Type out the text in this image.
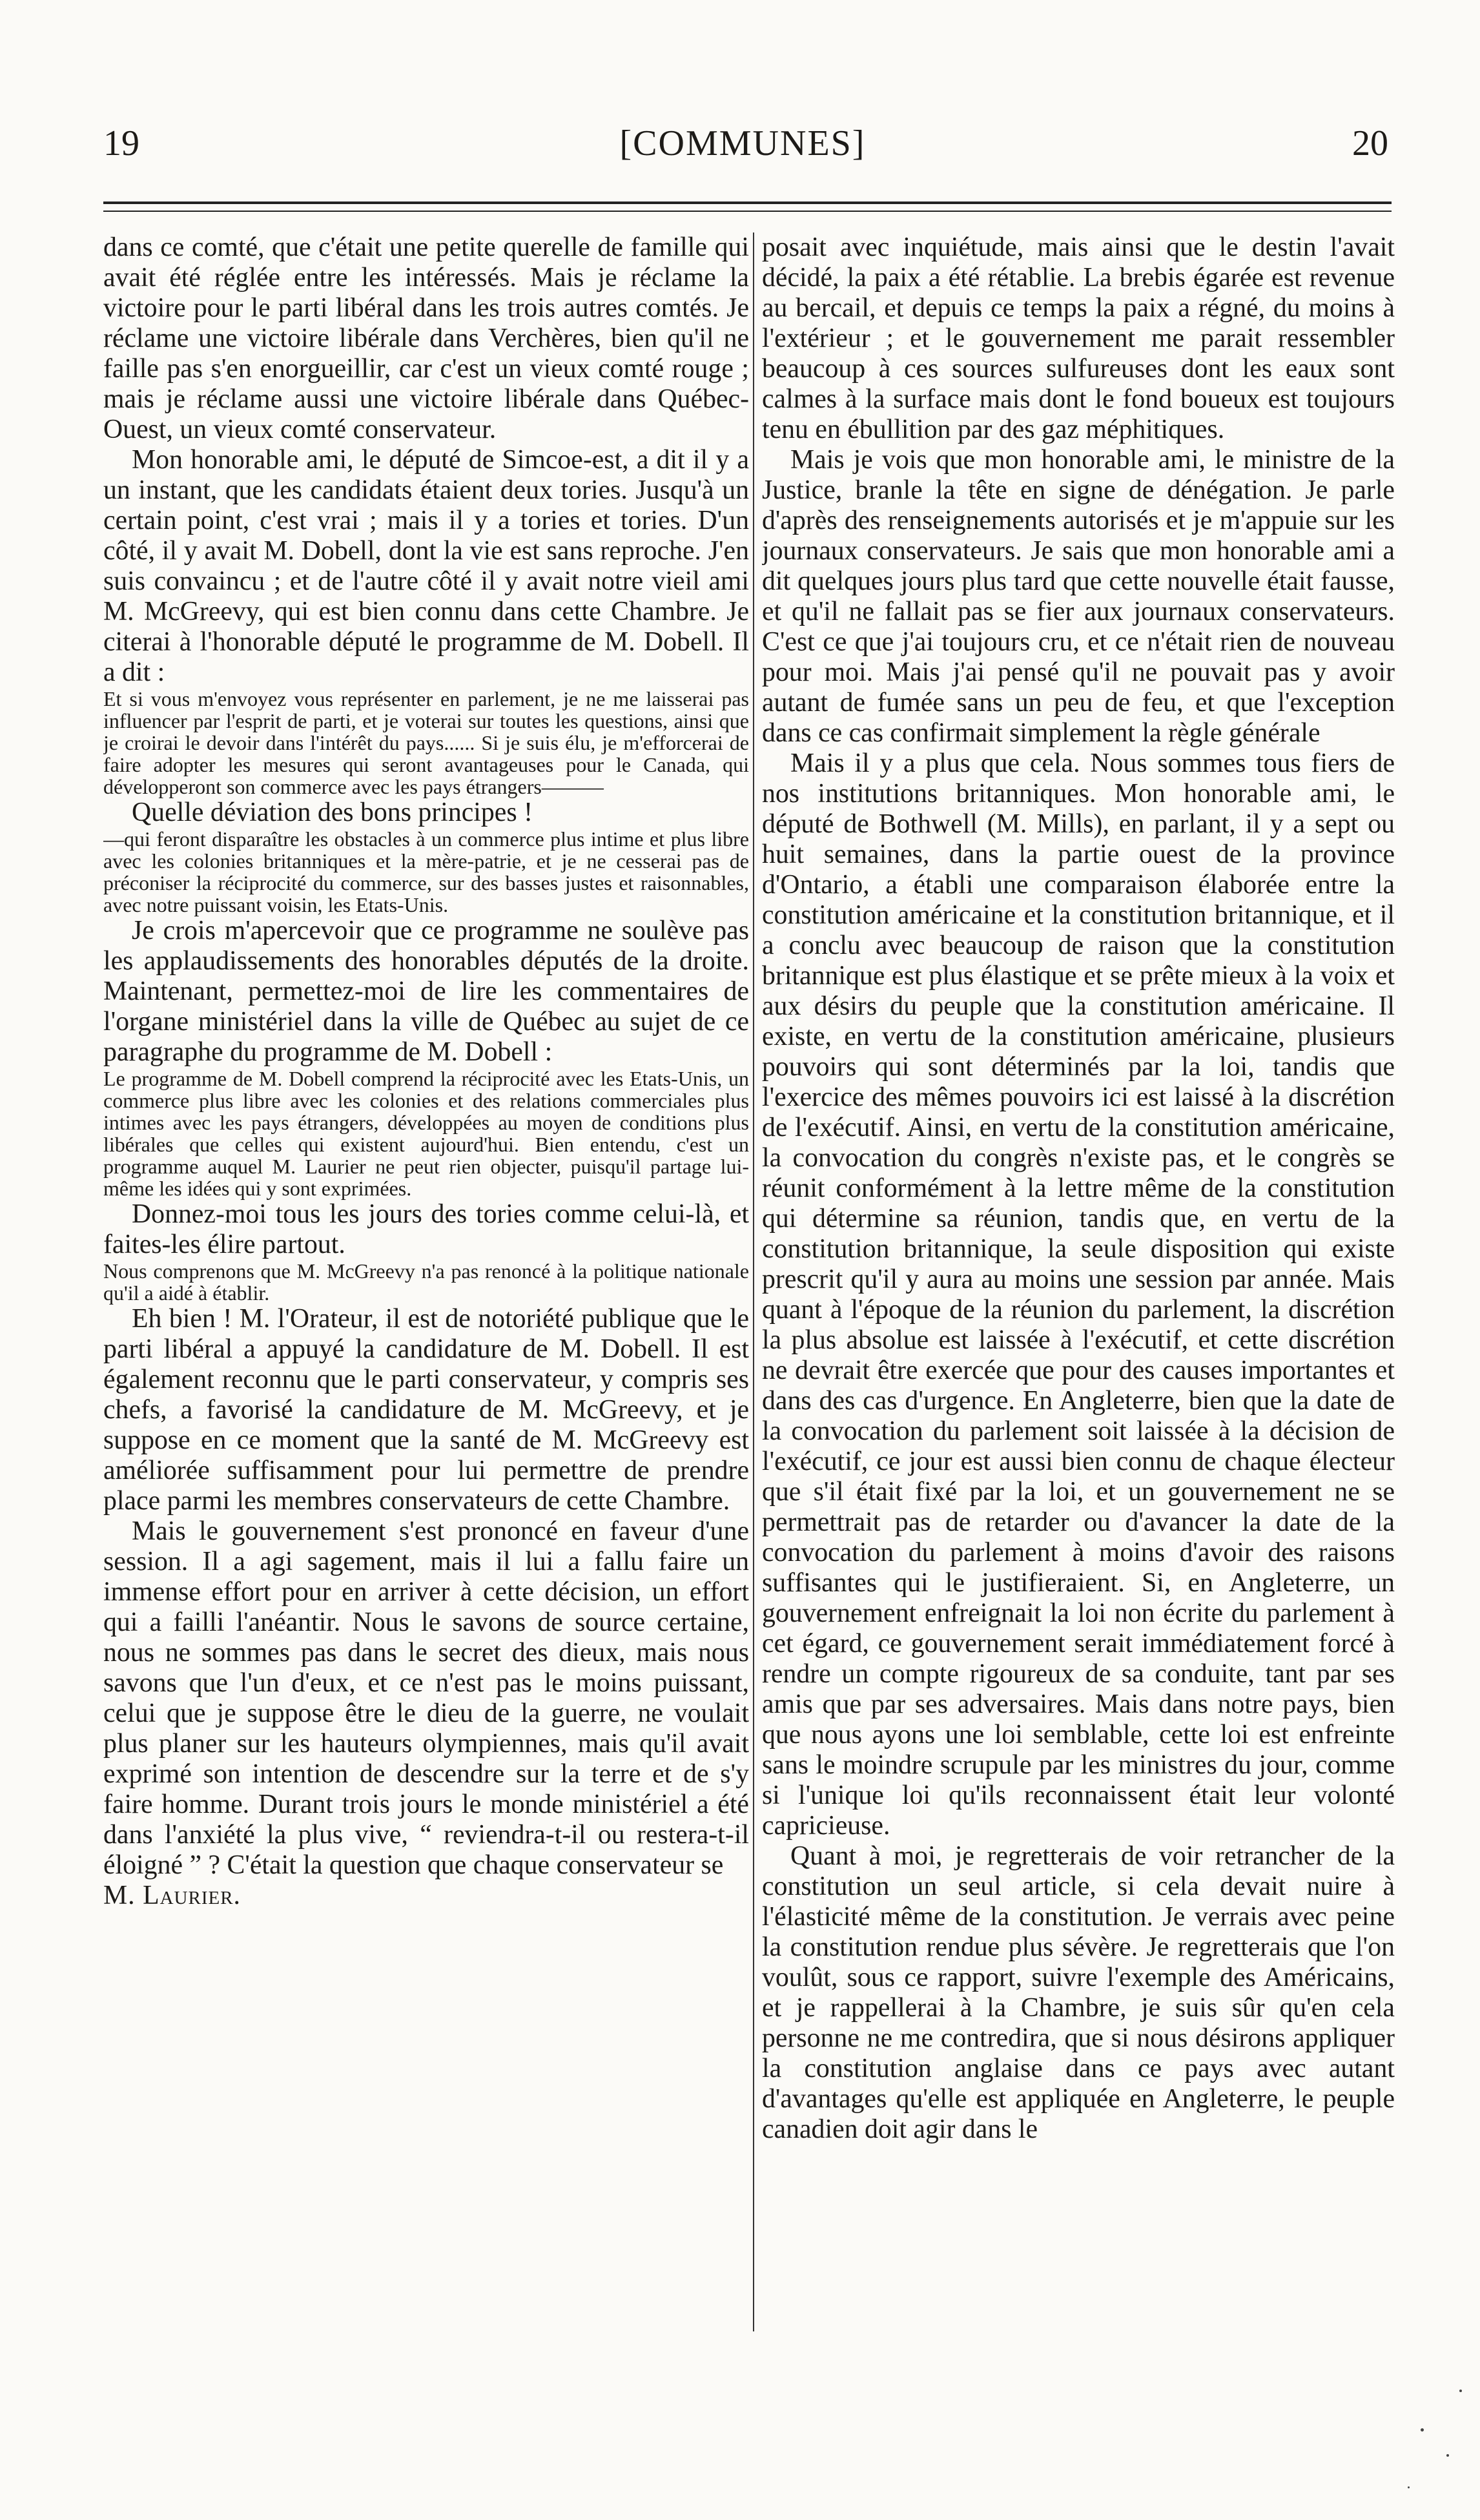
19	[COMMUNES]	20

dans ce comté, que c'était une petite querelle de famille qui avait été réglée entre les intéressés. Mais je réclame la victoire pour le parti libéral dans les trois autres comtés. Je réclame une victoire libérale dans Verchères, bien qu'il ne faille pas s'en enorgueillir, car c'est un vieux comté rouge ; mais je réclame aussi une victoire libérale dans Québec-Ouest, un vieux comté conservateur.

Mon honorable ami, le député de Simcoe-est, a dit il y a un instant, que les candidats étaient deux tories. Jusqu'à un certain point, c'est vrai ; mais il y a tories et tories. D'un côté, il y avait M. Dobell, dont la vie est sans reproche. J'en suis convaincu ; et de l'autre côté il y avait notre vieil ami M. McGreevy, qui est bien connu dans cette Chambre. Je citerai à l'honorable député le programme de M. Dobell. Il a dit :

Et si vous m'envoyez vous représenter en parlement, je ne me laisserai pas influencer par l'esprit de parti, et je voterai sur toutes les questions, ainsi que je croirai le devoir dans l'intérêt du pays...... Si je suis élu, je m'efforcerai de faire adopter les mesures qui seront avantageuses pour le Canada, qui développeront son commerce avec les pays étrangers———

Quelle déviation des bons principes !

—qui feront disparaître les obstacles à un commerce plus intime et plus libre avec les colonies britanniques et la mère-patrie, et je ne cesserai pas de préconiser la réciprocité du commerce, sur des basses justes et raisonnables, avec notre puissant voisin, les Etats-Unis.

Je crois m'apercevoir que ce programme ne soulève pas les applaudissements des honorables députés de la droite. Maintenant, permettez-moi de lire les commentaires de l'organe ministériel dans la ville de Québec au sujet de ce paragraphe du programme de M. Dobell :

Le programme de M. Dobell comprend la réciprocité avec les Etats-Unis, un commerce plus libre avec les colonies et des relations commerciales plus intimes avec les pays étrangers, développées au moyen de conditions plus libérales que celles qui existent aujourd'hui. Bien entendu, c'est un programme auquel M. Laurier ne peut rien objecter, puisqu'il partage lui-même les idées qui y sont exprimées.

Donnez-moi tous les jours des tories comme celui-là, et faites-les élire partout.

Nous comprenons que M. McGreevy n'a pas renoncé à la politique nationale qu'il a aidé à établir.

Eh bien ! M. l'Orateur, il est de notoriété publique que le parti libéral a appuyé la candidature de M. Dobell. Il est également reconnu que le parti conservateur, y compris ses chefs, a favorisé la candidature de M. McGreevy, et je suppose en ce moment que la santé de M. McGreevy est améliorée suffisamment pour lui permettre de prendre place parmi les membres conservateurs de cette Chambre.

Mais le gouvernement s'est prononcé en faveur d'une session. Il a agi sagement, mais il lui a fallu faire un immense effort pour en arriver à cette décision, un effort qui a failli l'anéantir. Nous le savons de source certaine, nous ne sommes pas dans le secret des dieux, mais nous savons que l'un d'eux, et ce n'est pas le moins puissant, celui que je suppose être le dieu de la guerre, ne voulait plus planer sur les hauteurs olympiennes, mais qu'il avait exprimé son intention de descendre sur la terre et de s'y faire homme. Durant trois jours le monde ministériel a été dans l'anxiété la plus vive, “ reviendra-t-il ou restera-t-il éloigné ” ? C'était la question que chaque conservateur se

M. Laurier.

posait avec inquiétude, mais ainsi que le destin l'avait décidé, la paix a été rétablie. La brebis égarée est revenue au bercail, et depuis ce temps la paix a régné, du moins à l'extérieur ; et le gouvernement me parait ressembler beaucoup à ces sources sulfureuses dont les eaux sont calmes à la surface mais dont le fond boueux est toujours tenu en ébullition par des gaz méphitiques.

Mais je vois que mon honorable ami, le ministre de la Justice, branle la tête en signe de dénégation. Je parle d'après des renseignements autorisés et je m'appuie sur les journaux conservateurs. Je sais que mon honorable ami a dit quelques jours plus tard que cette nouvelle était fausse, et qu'il ne fallait pas se fier aux journaux conservateurs. C'est ce que j'ai toujours cru, et ce n'était rien de nouveau pour moi. Mais j'ai pensé qu'il ne pouvait pas y avoir autant de fumée sans un peu de feu, et que l'exception dans ce cas confirmait simplement la règle générale

Mais il y a plus que cela. Nous sommes tous fiers de nos institutions britanniques. Mon honorable ami, le député de Bothwell (M. Mills), en parlant, il y a sept ou huit semaines, dans la partie ouest de la province d'Ontario, a établi une comparaison élaborée entre la constitution américaine et la constitution britannique, et il a conclu avec beaucoup de raison que la constitution britannique est plus élastique et se prête mieux à la voix et aux désirs du peuple que la constitution américaine. Il existe, en vertu de la constitution américaine, plusieurs pouvoirs qui sont déterminés par la loi, tandis que l'exercice des mêmes pouvoirs ici est laissé à la discrétion de l'exécutif. Ainsi, en vertu de la constitution américaine, la convocation du congrès n'existe pas, et le congrès se réunit conformément à la lettre même de la constitution qui détermine sa réunion, tandis que, en vertu de la constitution britannique, la seule disposition qui existe prescrit qu'il y aura au moins une session par année. Mais quant à l'époque de la réunion du parlement, la discrétion la plus absolue est laissée à l'exécutif, et cette discrétion ne devrait être exercée que pour des causes importantes et dans des cas d'urgence. En Angleterre, bien que la date de la convocation du parlement soit laissée à la décision de l'exécutif, ce jour est aussi bien connu de chaque électeur que s'il était fixé par la loi, et un gouvernement ne se permettrait pas de retarder ou d'avancer la date de la convocation du parlement à moins d'avoir des raisons suffisantes qui le justifieraient. Si, en Angleterre, un gouvernement enfreignait la loi non écrite du parlement à cet égard, ce gouvernement serait immédiatement forcé à rendre un compte rigoureux de sa conduite, tant par ses amis que par ses adversaires. Mais dans notre pays, bien que nous ayons une loi semblable, cette loi est enfreinte sans le moindre scrupule par les ministres du jour, comme si l'unique loi qu'ils reconnaissent était leur volonté capricieuse.

Quant à moi, je regretterais de voir retrancher de la constitution un seul article, si cela devait nuire à l'élasticité même de la constitution. Je verrais avec peine la constitution rendue plus sévère. Je regretterais que l'on voulût, sous ce rapport, suivre l'exemple des Américains, et je rappellerai à la Chambre, je suis sûr qu'en cela personne ne me contredira, que si nous désirons appliquer la constitution anglaise dans ce pays avec autant d'avantages qu'elle est appliquée en Angleterre, le peuple canadien doit agir dans le
